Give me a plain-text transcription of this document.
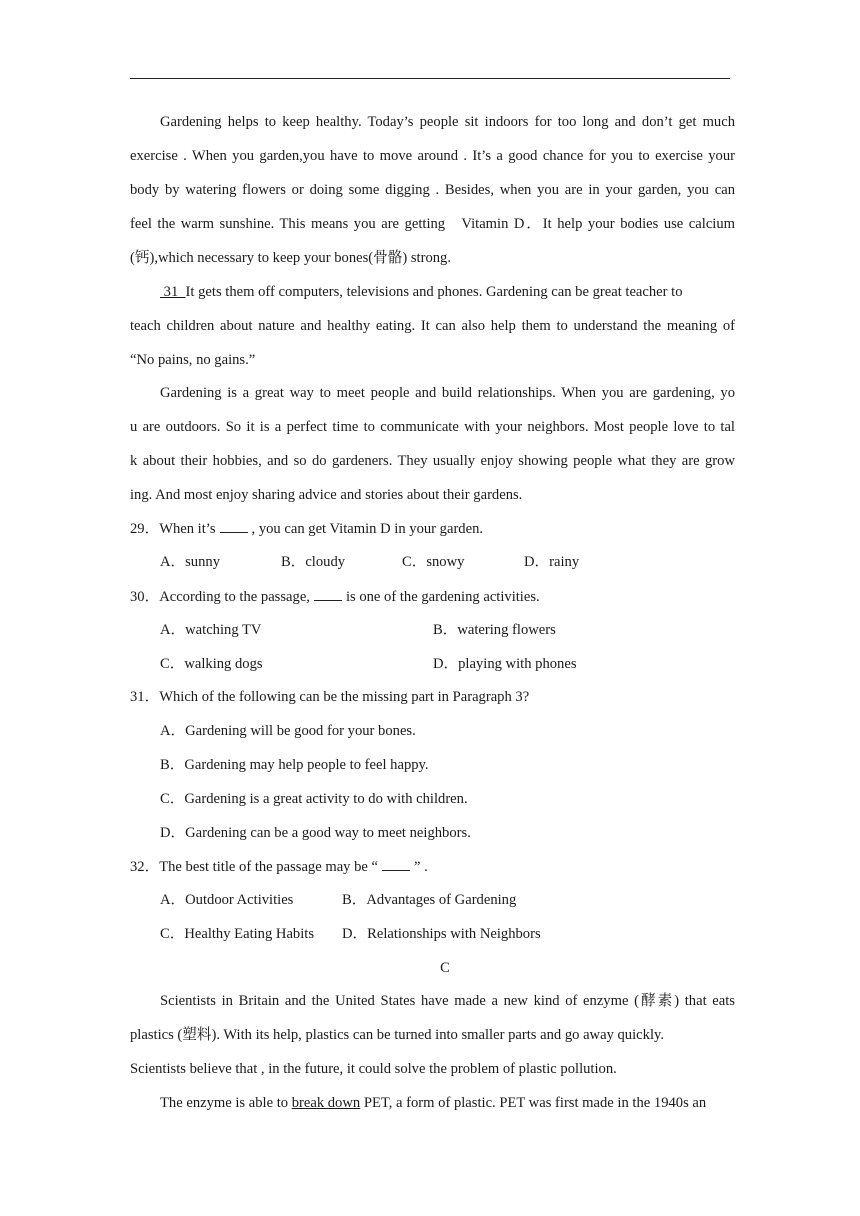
Gardening helps to keep healthy. Today’s people sit indoors for too long and don’t get much
exercise . When you garden,you have to move around . It’s a good chance for you to exercise your
body by watering flowers or doing some digging . Besides, when you are in your garden, you can
feel the warm sunshine. This means you are getting   Vitamin D．It help your bodies use calcium
(钙),which necessary to keep your bones(骨骼) strong.
31  It gets them off computers, televisions and phones. Gardening can be great teacher to
teach children about nature and healthy eating. It can also help them to understand the meaning of
“No pains, no gains.”
Gardening is a great way to meet people and build relationships. When you are gardening, yo
u are outdoors. So it is a perfect time to communicate with your neighbors. Most people love to tal
k about their hobbies, and so do gardeners. They usually enjoy showing people what they are grow
ing. And most enjoy sharing advice and stories about their gardens.
29．When it’s , you can get Vitamin D in your garden.
A．sunny	B．cloudy	C．snowy	D．rainy
30．According to the passage, is one of the gardening activities.
A．watching TV	B．watering flowers
C．walking dogs	D．playing with phones
31．Which of the following can be the missing part in Paragraph 3?
A．Gardening will be good for your bones.
B．Gardening may help people to feel happy.
C．Gardening is a great activity to do with children.
D．Gardening can be a good way to meet neighbors.
32．The best title of the passage may be “ ” .
A．Outdoor Activities	B．Advantages of Gardening
C．Healthy Eating Habits D．Relationships with Neighbors
C
Scientists in Britain and the United States have made a new kind of enzyme (酵素) that eats
plastics (塑料). With its help, plastics can be turned into smaller parts and go away quickly.
Scientists believe that , in the future, it could solve the problem of plastic pollution.
The enzyme is able to break down PET, a form of plastic. PET was first made in the 1940s an
